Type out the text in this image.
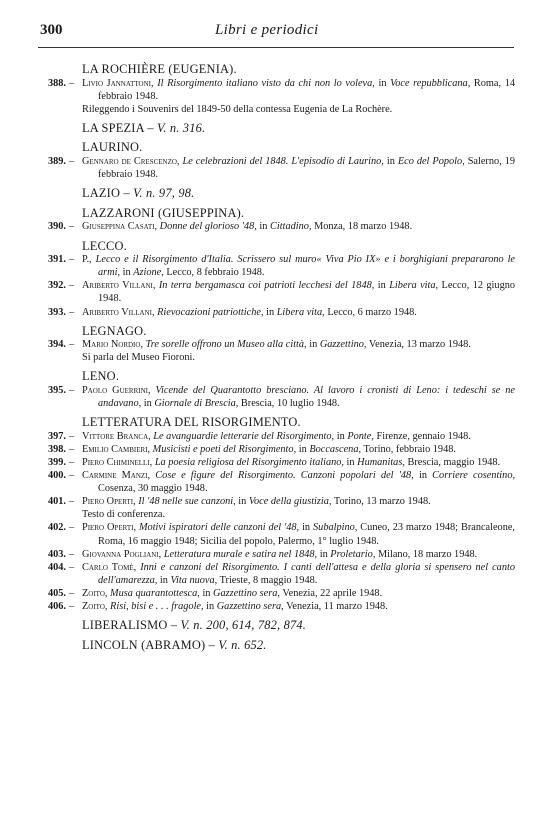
300	Libri e periodici
LA ROCHIÈRE (EUGENIA).
388. – Livio Jannattoni, Il Risorgimento italiano visto da chi non lo voleva, in Voce repubblicana, Roma, 14 febbraio 1948.
Rileggendo i Souvenirs del 1849-50 della contessa Eugenia de La Rochère.
LA SPEZIA – V. n. 316.
LAURINO.
389. – Gennaro de Crescenzo, Le celebrazioni del 1848. L'episodio di Laurino, in Eco del Popolo, Salerno, 19 febbraio 1948.
LAZIO – V. n. 97, 98.
LAZZARONI (GIUSEPPINA).
390. – Giuseppina Casati, Donne del glorioso '48, in Cittadino, Monza, 18 marzo 1948.
LECCO.
391. – P., Lecco e il Risorgimento d'Italia. Scrissero sul muro« Viva Pio IX» e i borghigiani prepararono le armi, in Azione, Lecco, 8 febbraio 1948.
392. – Ariberto Villani, In terra bergamasca coi patrioti lecchesi del 1848, in Libera vita, Lecco, 12 giugno 1948.
393. – Ariberto Villani, Rievocazioni patriottiche, in Libera vita, Lecco, 6 marzo 1948.
LEGNAGO.
394. – Mario Nordio, Tre sorelle offrono un Museo alla città, in Gazzettino, Venezia, 13 marzo 1948.
Si parla del Museo Fioroni.
LENO.
395. – Paolo Guerrini, Vicende del Quarantotto bresciano. Al lavoro i cronisti di Leno: i tedeschi se ne andavano, in Giornale di Brescia, Brescia, 10 luglio 1948.
LETTERATURA DEL RISORGIMENTO.
397. – Vittore Branca, Le avanguardie letterarie del Risorgimento, in Ponte, Firenze, gennaio 1948.
398. – Emilio Cambieri, Musicisti e poeti del Risorgimento, in Boccascena, Torino, febbraio 1948.
399. – Piero Chiminelli, La poesia religiosa del Risorgimento italiano, in Humanitas, Brescia, maggio 1948.
400. – Carmine Manzi, Cose e figure del Risorgimento. Canzoni popolari del '48, in Corriere cosentino, Cosenza, 30 maggio 1948.
401. – Piero Operti, Il '48 nelle sue canzoni, in Voce della giustizia, Torino, 13 marzo 1948.
Testo di conferenza.
402. – Piero Operti, Motivi ispiratori delle canzoni del '48, in Subalpino, Cuneo, 23 marzo 1948; Brancaleone, Roma, 16 maggio 1948; Sicilia del popolo, Palermo, 1° luglio 1948.
403. – Giovanna Pogliani, Letteratura murale e satira nel 1848, in Proletario, Milano, 18 marzo 1948.
404. – Carlo Tomè, Inni e canzoni del Risorgimento. I canti dell'attesa e della gloria si spensero nel canto dell'amarezza, in Vita nuova, Trieste, 8 maggio 1948.
405. – Zoito, Musa quarantottesca, in Gazzettino sera, Venezia, 22 aprile 1948.
406. – Zoito, Risi, bisi e . . . fragole, in Gazzettino sera, Venezia, 11 marzo 1948.
LIBERALISMO – V. n. 200, 614, 782, 874.
LINCOLN (ABRAMO) – V. n. 652.
